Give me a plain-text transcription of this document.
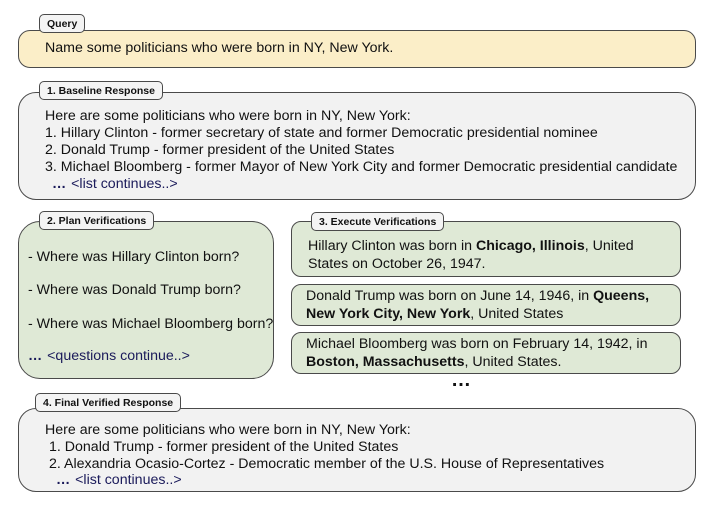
Query
Name some politicians who were born in NY, New York.
1. Baseline Response
Here are some politicians who were born in NY, New York:
1. Hillary Clinton - former secretary of state and former Democratic presidential nominee
2. Donald Trump - former president of the United States
3. Michael Bloomberg - former Mayor of New York City and former Democratic presidential candidate
… <list continues..>
2. Plan Verifications
- Where was Hillary Clinton born?
- Where was Donald Trump born?
- Where was Michael Bloomberg born?
… <questions continue..>
3. Execute Verifications
Hillary Clinton was born in Chicago, Illinois, United States on October 26, 1947.
Donald Trump was born on June 14, 1946, in Queens, New York City, New York, United States
Michael Bloomberg was born on February 14, 1942, in Boston, Massachusetts, United States.
…
4. Final Verified Response
Here are some politicians who were born in NY, New York:
1. Donald Trump - former president of the United States
2. Alexandria Ocasio-Cortez - Democratic member of the U.S. House of Representatives
… <list continues..>
